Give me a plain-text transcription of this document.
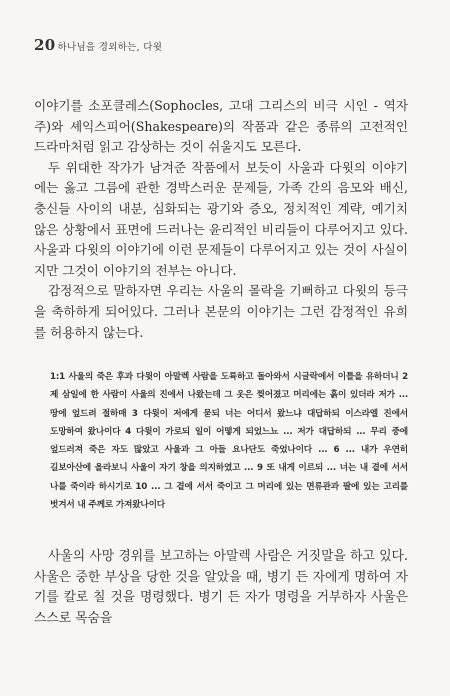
20 하나님을 경외하는, 다윗

이야기를 소포클레스(Sophocles, 고대 그리스의 비극 시인 - 역자 주)와 셰익스피어(Shakespeare)의 작품과 같은 종류의 고전적인 드라마처럼 읽고 감상하는 것이 쉬울지도 모른다.

두 위대한 작가가 남겨준 작품에서 보듯이 사울과 다윗의 이야기에는 옳고 그름에 관한 경박스러운 문제들, 가족 간의 음모와 배신, 충신들 사이의 내분, 심화되는 광기와 증오, 정치적인 계략, 예기치 않은 상황에서 표면에 드러나는 윤리적인 비리들이 다루어지고 있다. 사울과 다윗의 이야기에 이런 문제들이 다루어지고 있는 것이 사실이지만 그것이 이야기의 전부는 아니다.

감정적으로 말하자면 우리는 사울의 몰락을 기뻐하고 다윗의 등극을 축하하게 되어있다. 그러나 본문의 이야기는 그런 감정적인 유희를 허용하지 않는다.

1:1 사울의 죽은 후과 다윗이 아말렉 사람을 도륙하고 돌아와서 시글락에서 이틀을 유하더니 2 제 삼일에 한 사람이 사울의 진에서 나왔는데 그 옷은 찢어졌고 머리에는 흙이 있더라 저가 ... 땅에 엎드려 절하매 3 다윗이 저에게 묻되 너는 어디서 왔느냐 대답하되 이스라엘 진에서 도망하여 왔나이다 4 다윗이 가로되 일이 어떻게 되었느뇨 ... 저가 대답하되 ... 무리 중에 엎드러져 죽은 자도 많았고 사울과 그 아들 요나단도 죽었나이다 ... 6 ... 내가 우연히 길보아산에 올라보니 사울이 자기 창을 의지하였고 ... 9 또 내게 이르되 ... 너는 내 곁에 서서 나를 죽이라 하시기로 10 ... 그 곁에 서서 죽이고 그 머리에 있는 면류관과 팔에 있는 고리를 벗겨서 내 주께로 가져왔나이다

사울의 사망 경위를 보고하는 아말렉 사람은 거짓말을 하고 있다. 사울은 중한 부상을 당한 것을 알았을 때, 병기 든 자에게 명하여 자기를 칼로 칠 것을 명령했다. 병기 든 자가 명령을 거부하자 사울은 스스로 목숨을
